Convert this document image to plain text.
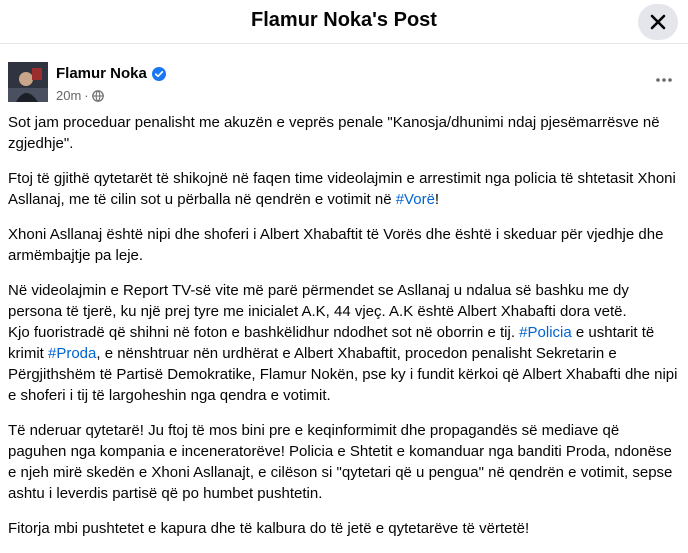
Flamur Noka's Post
Flamur Noka
20m ·

Sot jam proceduar penalisht me akuzën e veprës penale "Kanosja/dhunimi ndaj pjesëmarrësve në zgjedhje".

Ftoj të gjithë qytetarët të shikojnë në faqen time videolajmin e arrestimit nga policia të shtetasit Xhoni Asllanaj, me të cilin sot u përballa në qendrën e votimit në #Vorë!

Xhoni Asllanaj është nipi dhe shoferi i Albert Xhabaftit të Vorës dhe është i skeduar për vjedhje dhe armëmbajtje pa leje.

Në videolajmin e Report TV-së vite më parë përmendet se Asllanaj u ndalua së bashku me dy persona të tjerë, ku një prej tyre me inicialet A.K, 44 vjeç. A.K është Albert Xhabafti dora vetë.
Kjo fuoristradë që shihni në foton e bashkëlidhur ndodhet sot në oborrin e tij. #Policia e ushtarit të krimit #Proda, e nënshtruar nën urdhërat e Albert Xhabaftit, procedon penalisht Sekretarin e Përgjithshëm të Partisë Demokratike, Flamur Nokën, pse ky i fundit kërkoi që Albert Xhabafti dhe nipi e shoferi i tij të largoheshin nga qendra e votimit.

Të nderuar qytetarë! Ju ftoj të mos bini pre e keqinformimit dhe propagandës së mediave që paguhen nga kompania e inceneratorëve! Policia e Shtetit e komanduar nga banditi Proda, ndonëse e njeh mirë skedën e Xhoni Asllanajt, e cilëson si "qytetari që u pengua" në qendrën e votimit, sepse ashtu i leverdis partisë që po humbet pushtetin.

Fitorja mbi pushtetet e kapura dhe të kalbura do të jetë e qytetarëve të vërtetë!
